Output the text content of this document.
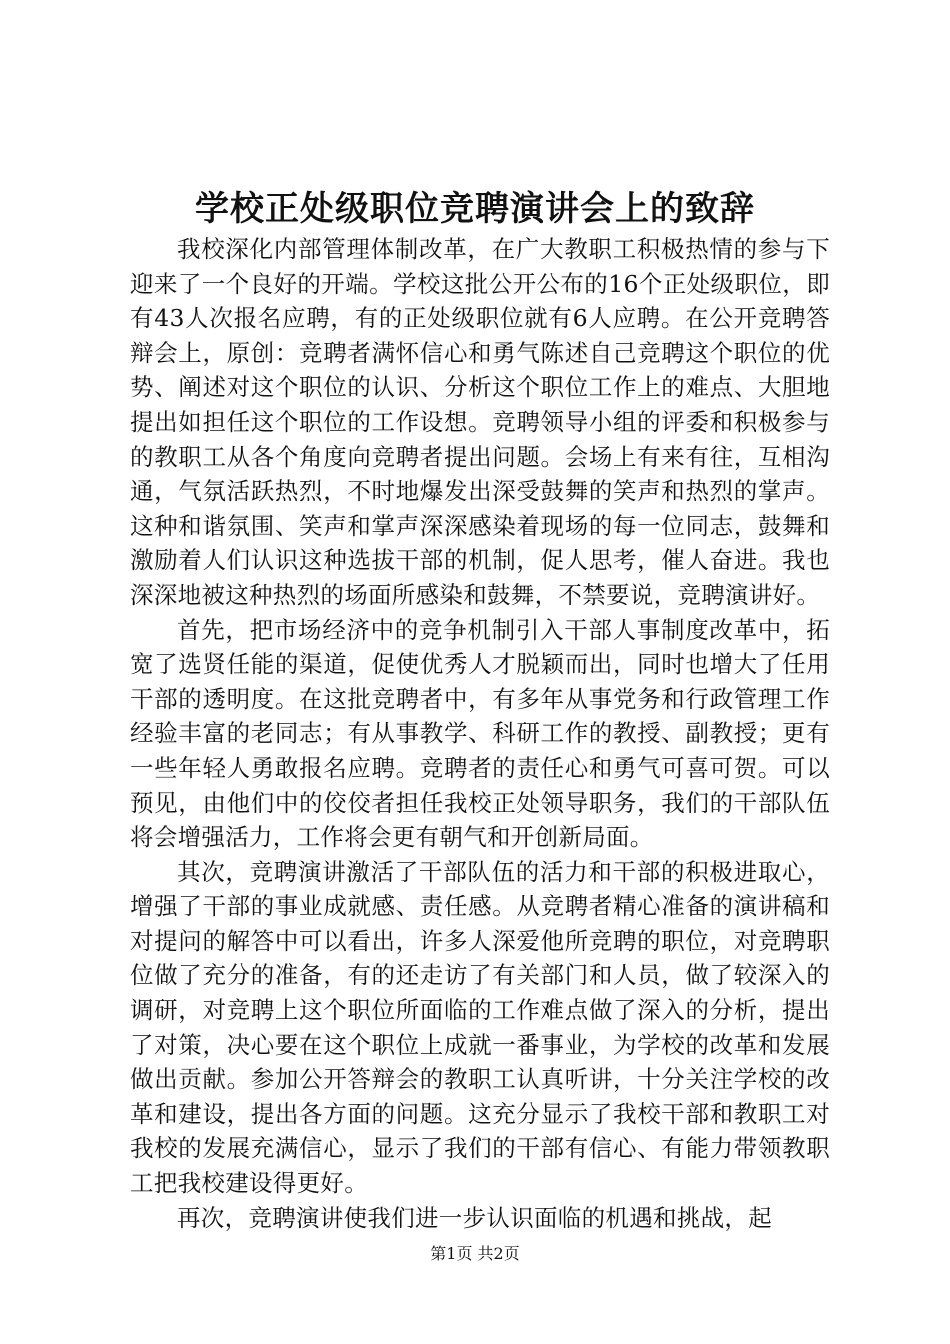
学校正处级职位竞聘演讲会上的致辞

我校深化内部管理体制改革，在广大教职工积极热情的参与下迎来了一个良好的开端。学校这批公开公布的16个正处级职位，即有43人次报名应聘，有的正处级职位就有6人应聘。在公开竞聘答辩会上，原创：竞聘者满怀信心和勇气陈述自己竞聘这个职位的优势、阐述对这个职位的认识、分析这个职位工作上的难点、大胆地提出如担任这个职位的工作设想。竞聘领导小组的评委和积极参与的教职工从各个角度向竞聘者提出问题。会场上有来有往，互相沟通，气氛活跃热烈，不时地爆发出深受鼓舞的笑声和热烈的掌声。这种和谐氛围、笑声和掌声深深感染着现场的每一位同志，鼓舞和激励着人们认识这种选拔干部的机制，促人思考，催人奋进。我也深深地被这种热烈的场面所感染和鼓舞，不禁要说，竞聘演讲好。

首先，把市场经济中的竞争机制引入干部人事制度改革中，拓宽了选贤任能的渠道，促使优秀人才脱颖而出，同时也增大了任用干部的透明度。在这批竞聘者中，有多年从事党务和行政管理工作经验丰富的老同志；有从事教学、科研工作的教授、副教授；更有一些年轻人勇敢报名应聘。竞聘者的责任心和勇气可喜可贺。可以预见，由他们中的佼佼者担任我校正处领导职务，我们的干部队伍将会增强活力，工作将会更有朝气和开创新局面。

其次，竞聘演讲激活了干部队伍的活力和干部的积极进取心，增强了干部的事业成就感、责任感。从竞聘者精心准备的演讲稿和对提问的解答中可以看出，许多人深爱他所竞聘的职位，对竞聘职位做了充分的准备，有的还走访了有关部门和人员，做了较深入的调研，对竞聘上这个职位所面临的工作难点做了深入的分析，提出了对策，决心要在这个职位上成就一番事业，为学校的改革和发展做出贡献。参加公开答辩会的教职工认真听讲，十分关注学校的改革和建设，提出各方面的问题。这充分显示了我校干部和教职工对我校的发展充满信心，显示了我们的干部有信心、有能力带领教职工把我校建设得更好。

再次，竞聘演讲使我们进一步认识面临的机遇和挑战，起

第1页 共2页
